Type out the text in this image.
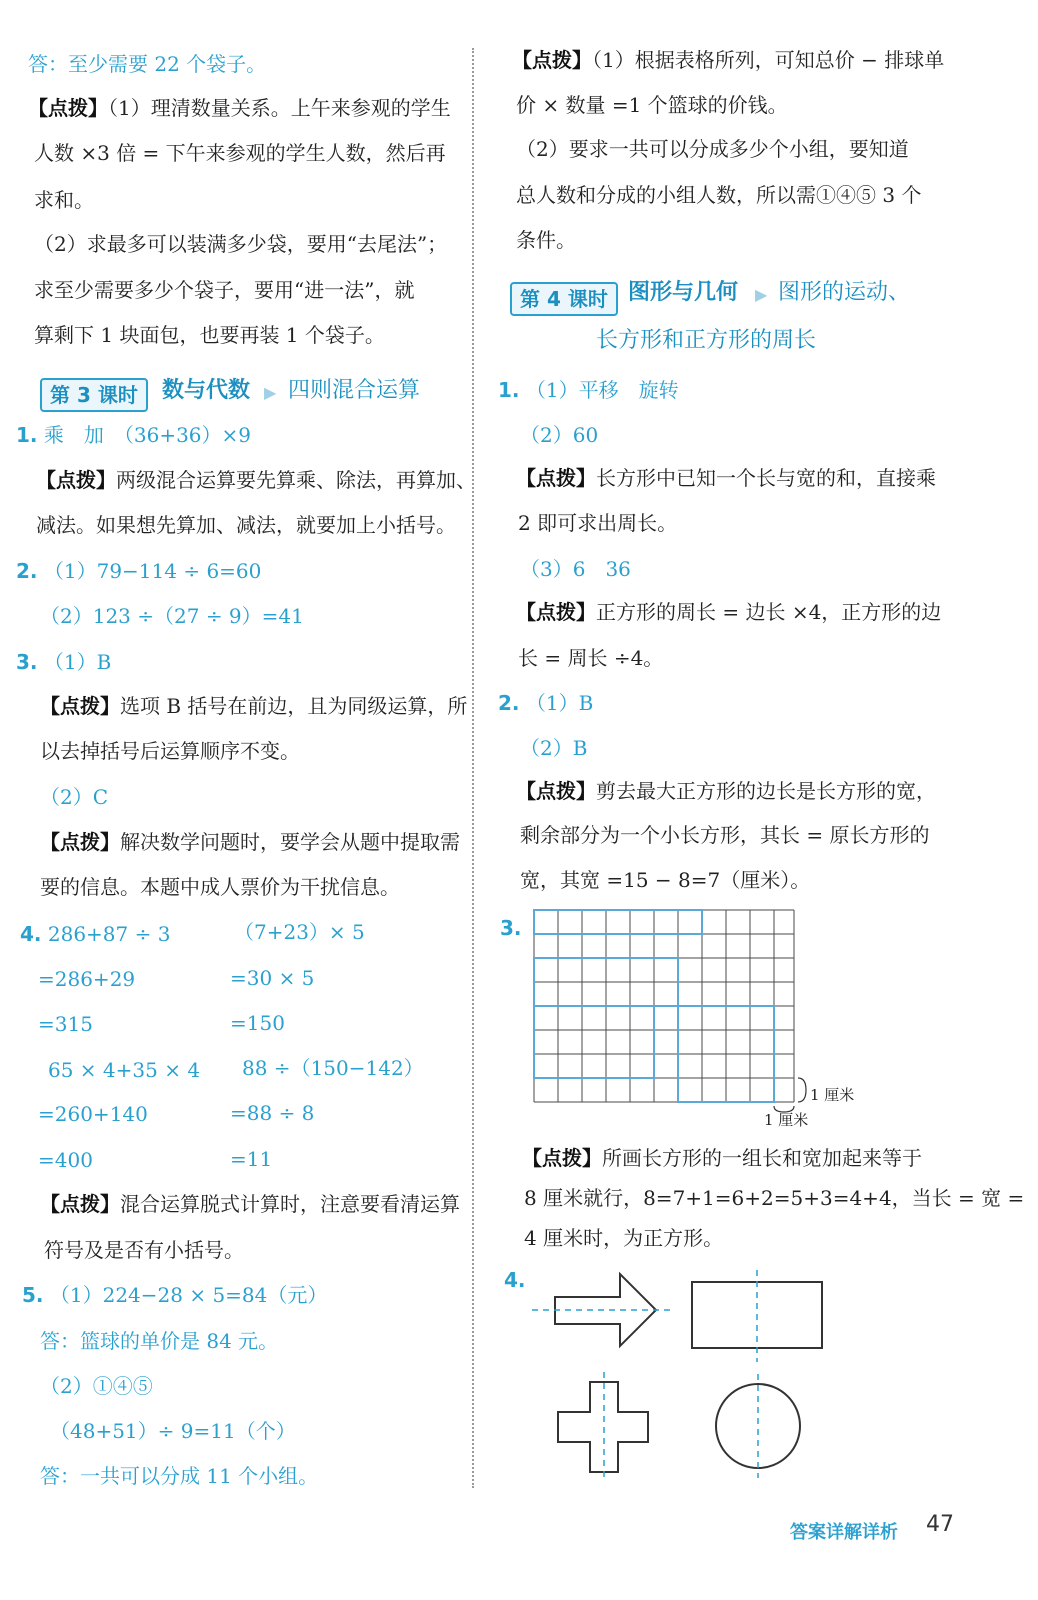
答：至少需要 22 个袋子。
【点拨】（1）理清数量关系。上午来参观的学生
人数 ×3 倍 = 下午来参观的学生人数，然后再
求和。
（2）求最多可以装满多少袋，要用“去尾法”；
求至少需要多少个袋子，要用“进一法”，就
算剩下 1 块面包，也要再装 1 个袋子。
第 3 课时	数与代数 ▶ 四则混合运算
1. 乘　加　（36+36）×9
【点拨】两级混合运算要先算乘、除法，再算加、
减法。如果想先算加、减法，就要加上小括号。
2. （1）79−114 ÷ 6=60
（2）123 ÷（27 ÷ 9）=41
3. （1）B
【点拨】选项 B 括号在前边，且为同级运算，所
以去掉括号后运算顺序不变。
（2）C
【点拨】解决数学问题时，要学会从题中提取需
要的信息。本题中成人票价为干扰信息。
4. 286+87 ÷ 3
=286+29
=315
65 × 4+35 × 4
=260+140
=400
（7+23）× 5
=30 × 5
=150
88 ÷（150−142）
=88 ÷ 8
=11
【点拨】混合运算脱式计算时，注意要看清运算
符号及是否有小括号。
5. （1）224−28 × 5=84（元）
答：篮球的单价是 84 元。
（2）①④⑤
（48+51）÷ 9=11（个）
答：一共可以分成 11 个小组。
【点拨】（1）根据表格所列，可知总价 − 排球单
价 × 数量 =1 个篮球的价钱。
（2）要求一共可以分成多少个小组，要知道
总人数和分成的小组人数，所以需①④⑤ 3 个
条件。
第 4 课时 图形与几何 ▶ 图形的运动、
长方形和正方形的周长
1. （1）平移　旋转
（2）60
【点拨】长方形中已知一个长与宽的和，直接乘
2 即可求出周长。
（3）6　36
【点拨】正方形的周长 = 边长 ×4，正方形的边
长 = 周长 ÷4。
2. （1）B
（2）B
【点拨】剪去最大正方形的边长是长方形的宽，
剩余部分为一个小长方形，其长 = 原长方形的
宽，其宽 =15 − 8=7（厘米）。
3.
1 厘米
1 厘米
【点拨】所画长方形的一组长和宽加起来等于
8 厘米就行，8=7+1=6+2=5+3=4+4，当长 = 宽 =
4 厘米时，为正方形。
4.
答案详解详析 47
